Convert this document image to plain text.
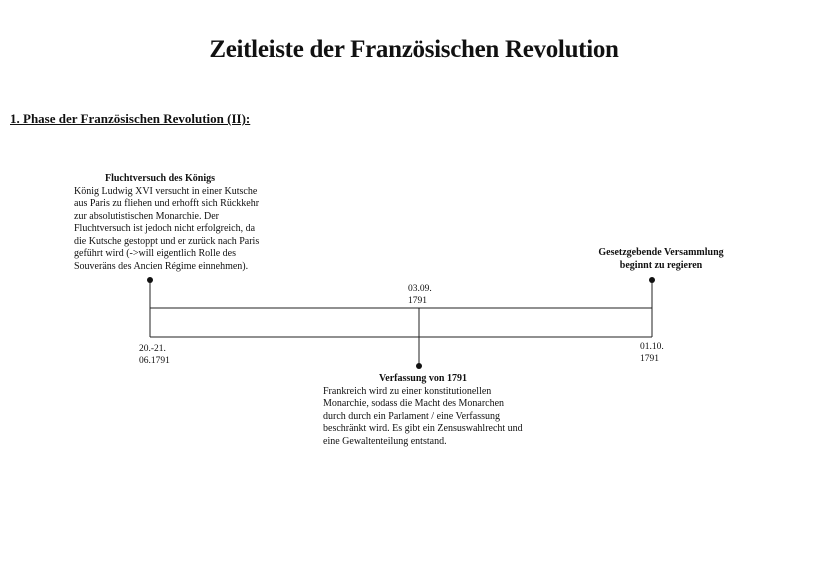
Zeitleiste der Französischen Revolution
1. Phase der Französischen Revolution (II):
Fluchtversuch des Königs
König Ludwig XVI versucht in einer Kutsche
aus Paris zu fliehen und erhofft sich Rückkehr
zur absolutistischen Monarchie. Der
Fluchtversuch ist jedoch nicht erfolgreich, da
die Kutsche gestoppt und er zurück nach Paris
geführt wird (->will eigentlich Rolle des
Souveräns des Ancien Régime einnehmen).
Gesetzgebende Versammlung
beginnt zu regieren
Verfassung von 1791
Frankreich wird zu einer konstitutionellen
Monarchie, sodass die Macht des Monarchen
durch durch ein Parlament / eine Verfassung
beschränkt wird. Es gibt ein Zensuswahlrecht und
eine Gewaltenteilung entstand.
20.-21.
06.1791
03.09.
1791
01.10.
1791
